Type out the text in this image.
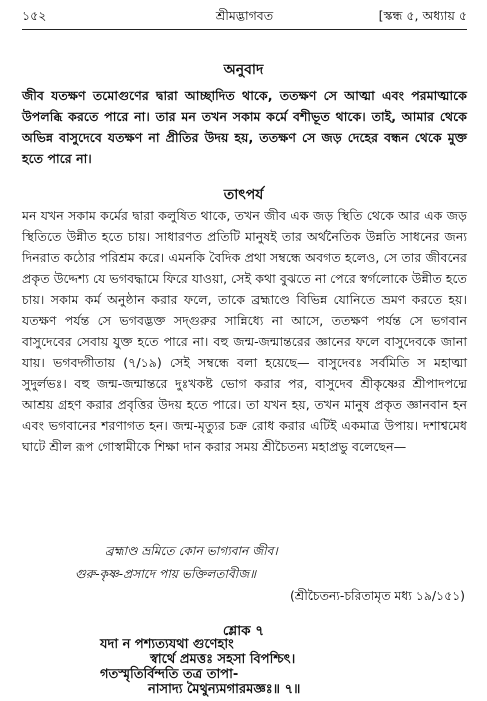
১৫২	শ্রীমদ্ভাগবত	[স্কন্ধ ৫, অধ্যায় ৫
অনুবাদ

জীব যতক্ষণ তমোগুণের দ্বারা আচ্ছাদিত থাকে, ততক্ষণ সে আত্মা এবং পরমাত্মাকে উপলব্ধি করতে পারে না। তার মন তখন সকাম কর্মে বশীভূত থাকে। তাই, আমার থেকে অভিন্ন বাসুদেবে যতক্ষণ না প্রীতির উদয় হয়, ততক্ষণ সে জড় দেহের বন্ধন থেকে মুক্ত হতে পারে না।

তাৎপর্য

মন যখন সকাম কর্মের দ্বারা কলুষিত থাকে, তখন জীব এক জড় স্থিতি থেকে আর এক জড় স্থিতিতে উন্নীত হতে চায়। সাধারণত প্রতিটি মানুষই তার অর্থনৈতিক উন্নতি সাধনের জন্য দিনরাত কঠোর পরিশ্রম করে। এমনকি বৈদিক প্রথা সম্বন্ধে অবগত হলেও, সে তার জীবনের প্রকৃত উদ্দেশ্য যে ভগবদ্ধামে ফিরে যাওয়া, সেই কথা বুঝতে না পেরে স্বর্গলোকে উন্নীত হতে চায়। সকাম কর্ম অনুষ্ঠান করার ফলে, তাকে ব্রহ্মাণ্ডে বিভিন্ন যোনিতে ভ্রমণ করতে হয়। যতক্ষণ পর্যন্ত সে ভগবদ্ভক্ত সদ্গুরুর সান্নিধ্যে না আসে, ততক্ষণ পর্যন্ত সে ভগবান বাসুদেবের সেবায় যুক্ত হতে পারে না। বহু জন্ম-জন্মান্তরের জ্ঞানের ফলে বাসুদেবকে জানা যায়। ভগবদ্গীতায় (৭/১৯) সেই সম্বন্ধে বলা হয়েছে— বাসুদেবঃ সর্বমিতি স মহাত্মা সুদুর্লভঃ। বহু জন্ম-জন্মান্তরে দুঃখকষ্ট ভোগ করার পর, বাসুদেব শ্রীকৃষ্ণের শ্রীপাদপদ্মে আশ্রয় গ্রহণ করার প্রবৃত্তির উদয় হতে পারে। তা যখন হয়, তখন মানুষ প্রকৃত জ্ঞানবান হন এবং ভগবানের শরণাগত হন। জন্ম-মৃত্যুর চক্র রোধ করার এটিই একমাত্র উপায়। দশাশ্বমেধ ঘাটে শ্রীল রূপ গোস্বামীকে শিক্ষা দান করার সময় শ্রীচৈতন্য মহাপ্রভু বলেছেন—

ব্রহ্মাণ্ড ভ্রমিতে কোন ভাগ্যবান জীব।
গুরু-কৃষ্ণ-প্রসাদে পায় ভক্তিলতাবীজ॥
(শ্রীচৈতন্য-চরিতামৃত মধ্য ১৯/১৫১)
শ্লোক ৭
যদা ন পশ্যত্যযথা গুণেহাং
স্বার্থে প্রমত্তঃ সহসা বিপশ্চিৎ।
গতস্মৃতির্বিন্দতি তত্র তাপা-
নাসাদ্য মৈথুন্যমগারমজ্ঞঃ॥ ৭॥
